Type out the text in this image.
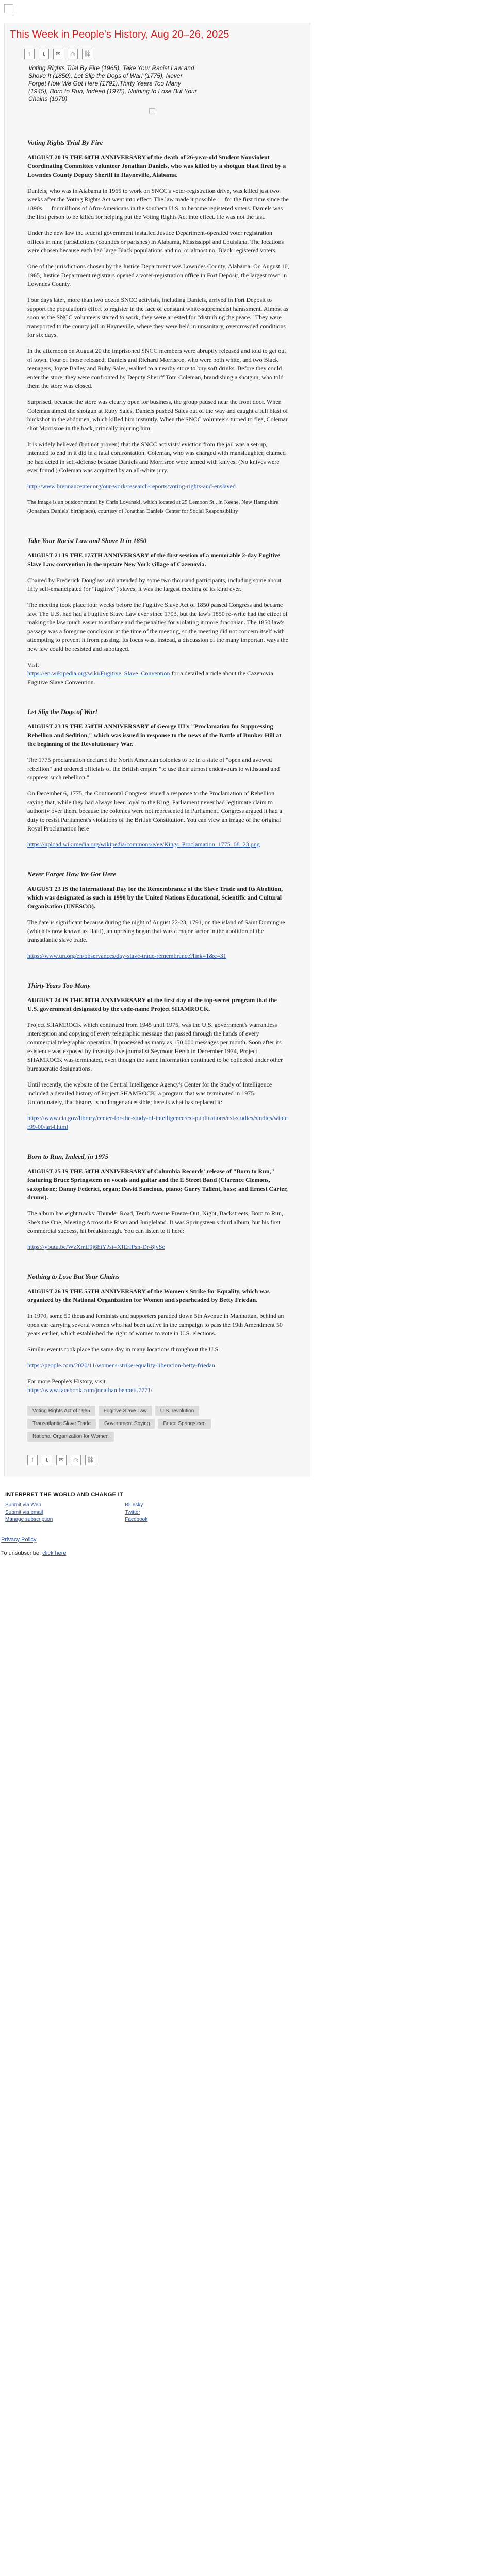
This Week in People's History, Aug 20–26, 2025
f	t	✉	⎙	⛓
Voting Rights Trial By Fire (1965), Take Your Racist Law and Shove It (1850), Let Slip the Dogs of War! (1775), Never Forget How We Got Here (1791),Thirty Years Too Many (1945), Born to Run, Indeed (1975), Nothing to Lose But Your Chains (1970)
Voting Rights Trial By Fire

AUGUST 20 IS THE 60TH ANNIVERSARY of the death of 26-year-old Student Nonviolent Coordinating Committee volunteer Jonathan Daniels, who was killed by a shotgun blast fired by a Lowndes County Deputy Sheriff in Hayneville, Alabama.

Daniels, who was in Alabama in 1965 to work on SNCC's voter-registration drive, was killed just two weeks after the Voting Rights Act went into effect. The law made it possible — for the first time since the 1890s — for millions of Afro-Americans in the southern U.S. to become registered voters. Daniels was the first person to be killed for helping put the Voting Rights Act into effect. He was not the last.

Under the new law the federal government installed Justice Department-operated voter registration offices in nine jurisdictions (counties or parishes) in Alabama, Mississippi and Louisiana. The locations were chosen because each had large Black populations and no, or almost no, Black registered voters.

One of the jurisdictions chosen by the Justice Department was Lowndes County, Alabama. On August 10, 1965, Justice Department registrars opened a voter-registration office in Fort Deposit, the largest town in Lowndes County.

Four days later, more than two dozen SNCC activists, including Daniels, arrived in Fort Deposit to support the population's effort to register in the face of constant white-supremacist harassment. Almost as soon as the SNCC volunteers started to work, they were arrested for "disturbing the peace." They were transported to the county jail in Hayneville, where they were held in unsanitary, overcrowded conditions for six days.

In the afternoon on August 20 the imprisoned SNCC members were abruptly released and told to get out of town. Four of those released, Daniels and Richard Morrisroe, who were both white, and two Black teenagers, Joyce Bailey and Ruby Sales, walked to a nearby store to buy soft drinks. Before they could enter the store, they were confronted by Deputy Sheriff Tom Coleman, brandishing a shotgun, who told them the store was closed.

Surprised, because the store was clearly open for business, the group paused near the front door. When Coleman aimed the shotgun at Ruby Sales, Daniels pushed Sales out of the way and caught a full blast of buckshot in the abdomen, which killed him instantly. When the SNCC volunteers turned to flee, Coleman shot Morrisroe in the back, critically injuring him.

It is widely believed (but not proven) that the SNCC activists' eviction from the jail was a set-up, intended to end in it did in a fatal confrontation. Coleman, who was charged with manslaughter, claimed he had acted in self-defense because Daniels and Morrisroe were armed with knives. (No knives were ever found.) Coleman was acquitted by an all-white jury.

http://www.brennancenter.org/our-work/research-reports/voting-rights-and-enslaved

The image is an outdoor mural by Chris Lovanski, which located at 25 Lemoon St., in Keene, New Hampshire (Jonathan Daniels' birthplace), courtesy of Jonathan Daniels Center for Social Responsibility

Take Your Racist Law and Shove It in 1850

AUGUST 21 IS THE 175TH ANNIVERSARY of the first session of a memorable 2-day Fugitive Slave Law convention in the upstate New York village of Cazenovia.

Chaired by Frederick Douglass and attended by some two thousand participants, including some about fifty self-emancipated (or "fugitive") slaves, it was the largest meeting of its kind ever.

The meeting took place four weeks before the Fugitive Slave Act of 1850 passed Congress and became law. The U.S. had had a Fugitive Slave Law ever since 1793, but the law's 1850 re-write had the effect of making the law much easier to enforce and the penalties for violating it more draconian. The 1850 law's passage was a foregone conclusion at the time of the meeting, so the meeting did not concern itself with attempting to prevent it from passing. Its focus was, instead, a discussion of the many important ways the new law could be resisted and sabotaged.

Visit
https://en.wikipedia.org/wiki/Fugitive_Slave_Convention for a detailed article about the Cazenovia Fugitive Slave Convention.

Let Slip the Dogs of War!

AUGUST 23 IS THE 250TH ANNIVERSARY of George III's "Proclamation for Suppressing Rebellion and Sedition," which was issued in response to the news of the Battle of Bunker Hill at the beginning of the Revolutionary War.

The 1775 proclamation declared the North American colonies to be in a state of "open and avowed rebellion" and ordered officials of the British empire "to use their utmost endeavours to withstand and suppress such rebellion."

On December 6, 1775, the Continental Congress issued a response to the Proclamation of Rebellion saying that, while they had always been loyal to the King, Parliament never had legitimate claim to authority over them, because the colonies were not represented in Parliament. Congress argued it had a duty to resist Parliament's violations of the British Constitution. You can view an image of the original Royal Proclamation here

https://upload.wikimedia.org/wikipedia/commons/e/ee/Kings_Proclamation_1775_08_23.png

Never Forget How We Got Here

AUGUST 23 IS the International Day for the Remembrance of the Slave Trade and Its Abolition, which was designated as such in 1998 by the United Nations Educational, Scientific and Cultural Organization (UNESCO).

The date is significant because during the night of August 22-23, 1791, on the island of Saint Domingue (which is now known as Haiti), an uprising began that was a major factor in the abolition of the transatlantic slave trade.

https://www.un.org/en/observances/day-slave-trade-remembrance?link=1&c=31

Thirty Years Too Many

AUGUST 24 IS THE 80TH ANNIVERSARY of the first day of the top-secret program that the U.S. government designated by the code-name Project SHAMROCK.

Project SHAMROCK which continued from 1945 until 1975, was the U.S. government's warrantless interception and copying of every telegraphic message that passed through the hands of every commercial telegraphic operation. It processed as many as 150,000 messages per month. Soon after its existence was exposed by investigative journalist Seymour Hersh in December 1974, Project SHAMROCK was terminated, even though the same information continued to be collected under other bureaucratic designations.

Until recently, the website of the Central Intelligence Agency's Center for the Study of Intelligence included a detailed history of Project SHAMROCK, a program that was terminated in 1975. Unfortunately, that history is no longer accessible; here is what has replaced it:

https://www.cia.gov/library/center-for-the-study-of-intelligence/csi-publications/csi-studies/studies/winter99-00/art4.html

Born to Run, Indeed, in 1975

AUGUST 25 IS THE 50TH ANNIVERSARY of Columbia Records' release of "Born to Run," featuring Bruce Springsteen on vocals and guitar and the E Street Band (Clarence Clemons, saxophone; Danny Federici, organ; David Sancious, piano; Garry Tallent, bass; and Ernest Carter, drums).

The album has eight tracks: Thunder Road, Tenth Avenue Freeze-Out, Night, Backstreets, Born to Run, She's the One, Meeting Across the River and Jungleland. It was Springsteen's third album, but his first commercial success, hit breakthrough. You can listen to it here:

https://youtu.be/WzXmE9j6hiY?si=XIErfPsh-Dr-8jvSe

Nothing to Lose But Your Chains

AUGUST 26 IS THE 55TH ANNIVERSARY of the Women's Strike for Equality, which was organized by the National Organization for Women and spearheaded by Betty Friedan.

In 1970, some 50 thousand feminists and supporters paraded down 5th Avenue in Manhattan, behind an open car carrying several women who had been active in the campaign to pass the 19th Amendment 50 years earlier, which established the right of women to vote in U.S. elections.

Similar events took place the same day in many locations throughout the U.S.

https://people.com/2020/11/womens-strike-equality-liberation-betty-friedan

For more People's History, visit
https://www.facebook.com/jonathan.bennett.7771/

Voting Rights Act of 1965	Fugitive Slave Law	U.S. revolution
Transatlantic Slave Trade	Government Spying	Bruce Springsteen
National Organization for Women
f	t	✉	⎙	⛓
INTERPRET THE WORLD AND CHANGE IT
Submit via Web
Submit via email
Manage subscription
Bluesky
Twitter
Facebook
Privacy Policy
To unsubscribe, click here
